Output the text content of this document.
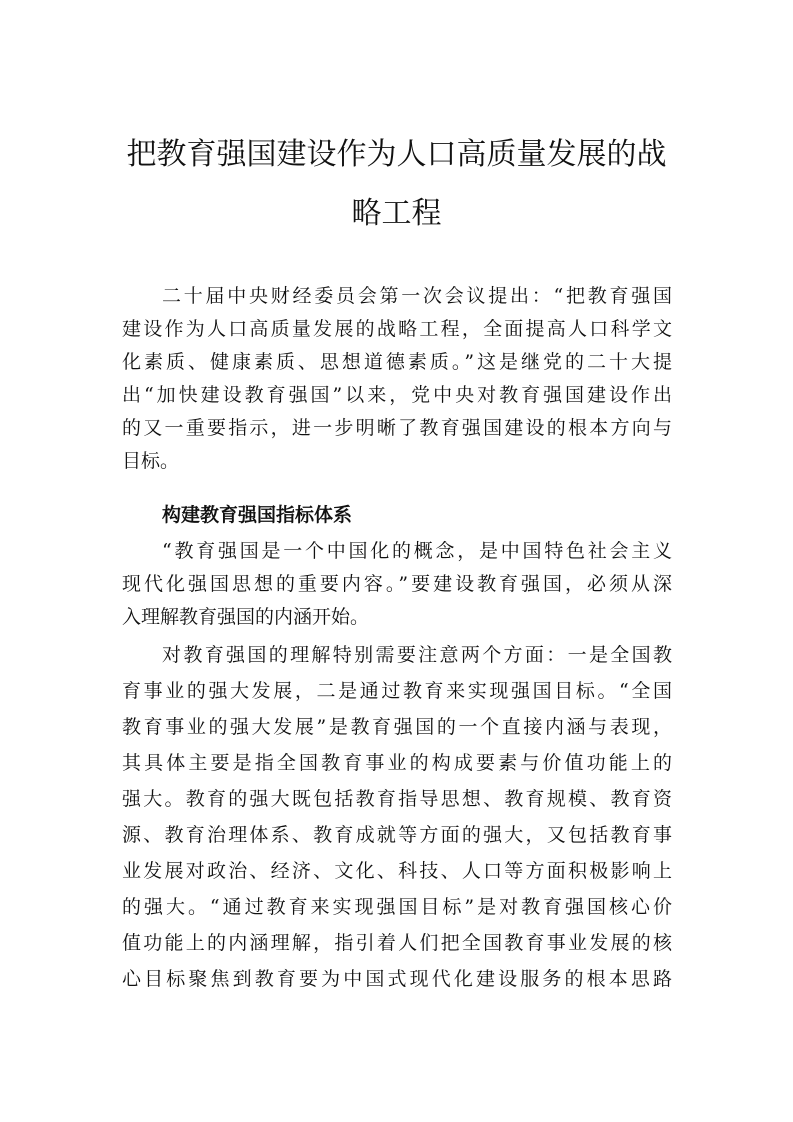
把教育强国建设作为人口高质量发展的战
略工程
二十届中央财经委员会第一次会议提出：“把教育强国
建设作为人口高质量发展的战略工程，全面提高人口科学文
化素质、健康素质、思想道德素质。”这是继党的二十大提
出“加快建设教育强国”以来，党中央对教育强国建设作出
的又一重要指示，进一步明晰了教育强国建设的根本方向与
目标。
构建教育强国指标体系
“教育强国是一个中国化的概念，是中国特色社会主义
现代化强国思想的重要内容。”要建设教育强国，必须从深
入理解教育强国的内涵开始。
对教育强国的理解特别需要注意两个方面：一是全国教
育事业的强大发展，二是通过教育来实现强国目标。“全国
教育事业的强大发展”是教育强国的一个直接内涵与表现，
其具体主要是指全国教育事业的构成要素与价值功能上的
强大。教育的强大既包括教育指导思想、教育规模、教育资
源、教育治理体系、教育成就等方面的强大，又包括教育事
业发展对政治、经济、文化、科技、人口等方面积极影响上
的强大。“通过教育来实现强国目标”是对教育强国核心价
值功能上的内涵理解，指引着人们把全国教育事业发展的核
心目标聚焦到教育要为中国式现代化建设服务的根本思路
